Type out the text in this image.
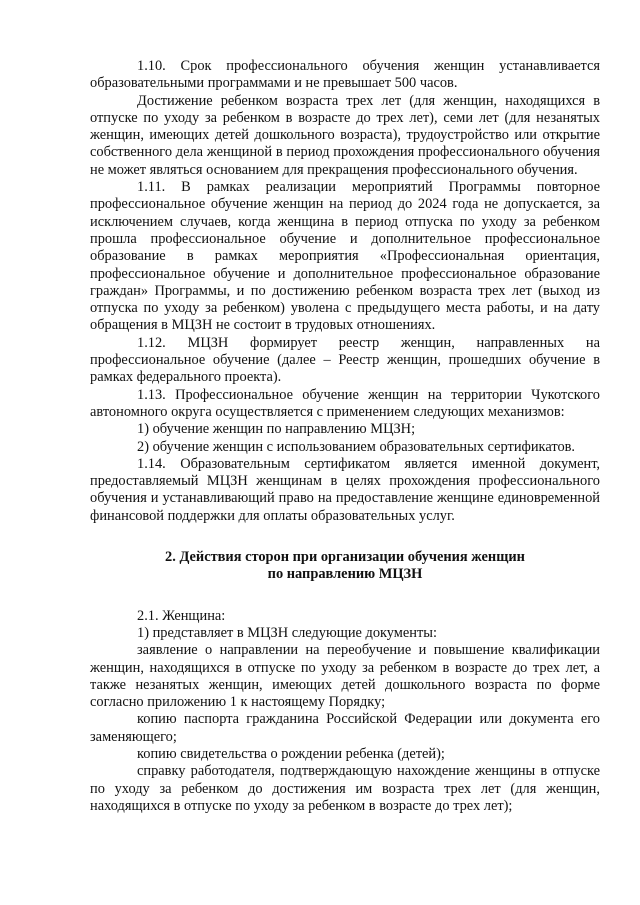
1.10. Срок профессионального обучения женщин устанавливается образовательными программами и не превышает 500 часов.

Достижение ребенком возраста трех лет (для женщин, находящихся в отпуске по уходу за ребенком в возрасте до трех лет), семи лет (для незанятых женщин, имеющих детей дошкольного возраста), трудоустройство или открытие собственного дела женщиной в период прохождения профессионального обучения не может являться основанием для прекращения профессионального обучения.

1.11. В рамках реализации мероприятий Программы повторное профессиональное обучение женщин на период до 2024 года не допускается, за исключением случаев, когда женщина в период отпуска по уходу за ребенком прошла профессиональное обучение и дополнительное профессиональное образование в рамках мероприятия «Профессиональная ориентация, профессиональное обучение и дополнительное профессиональное образование граждан» Программы, и по достижению ребенком возраста трех лет (выход из отпуска по уходу за ребенком) уволена с предыдущего места работы, и на дату обращения в МЦЗН не состоит в трудовых отношениях.

1.12. МЦЗН формирует реестр женщин, направленных на профессиональное обучение (далее – Реестр женщин, прошедших обучение в рамках федерального проекта).

1.13. Профессиональное обучение женщин на территории Чукотского автономного округа осуществляется с применением следующих механизмов:

1) обучение женщин по направлению МЦЗН;

2) обучение женщин с использованием образовательных сертификатов.

1.14. Образовательным сертификатом является именной документ, предоставляемый МЦЗН женщинам в целях прохождения профессионального обучения и устанавливающий право на предоставление женщине единовременной финансовой поддержки для оплаты образовательных услуг.

2. Действия сторон при организации обучения женщин

по направлению МЦЗН

2.1. Женщина:

1) представляет в МЦЗН следующие документы:

заявление о направлении на переобучение и повышение квалификации женщин, находящихся в отпуске по уходу за ребенком в возрасте до трех лет, а также незанятых женщин, имеющих детей дошкольного возраста по форме согласно приложению 1 к настоящему Порядку;

копию паспорта гражданина Российской Федерации или документа его заменяющего;

копию свидетельства о рождении ребенка (детей);

справку работодателя, подтверждающую нахождение женщины в отпуске по уходу за ребенком до достижения им возраста трех лет (для женщин, находящихся в отпуске по уходу за ребенком в возрасте до трех лет);
